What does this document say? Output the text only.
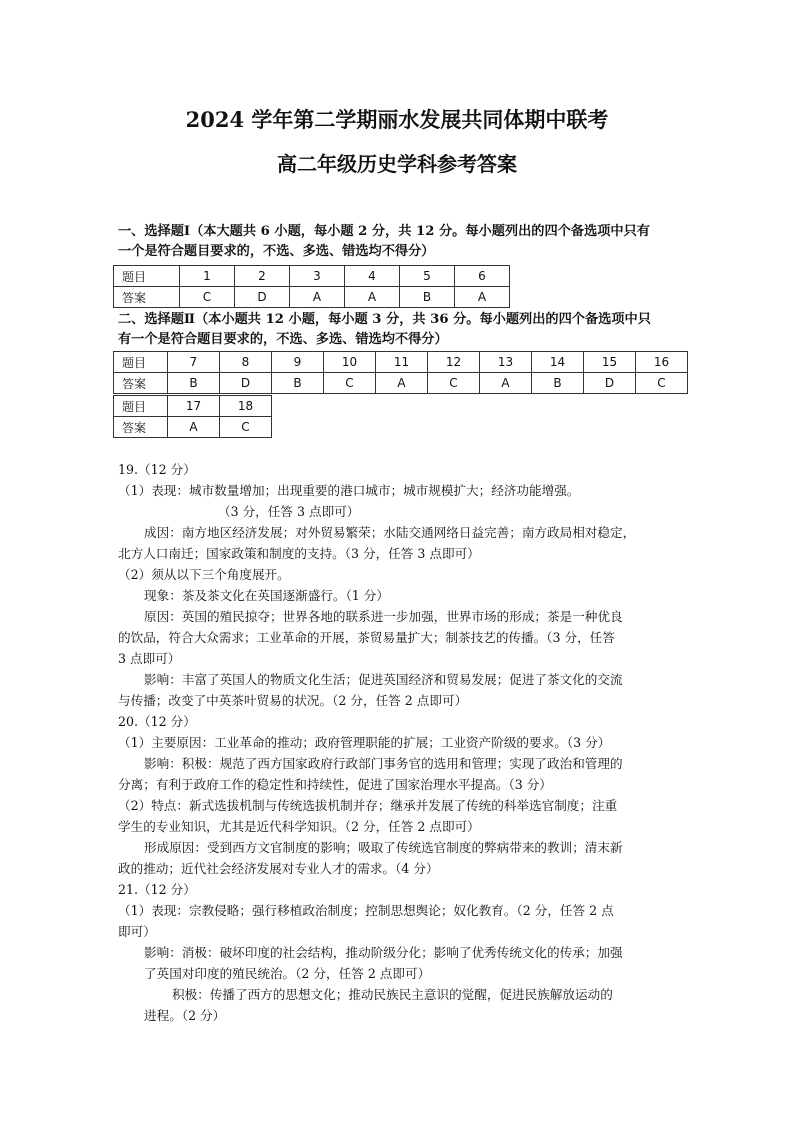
2024 学年第二学期丽水发展共同体期中联考
高二年级历史学科参考答案
一、选择题Ⅰ（本大题共 6 小题，每小题 2 分，共 12 分。每小题列出的四个备选项中只有
一个是符合题目要求的，不选、多选、错选均不得分）
题目	1	2	3	4	5	6
答案	C	D	A	A	B	A
二、选择题Ⅱ（本小题共 12 小题，每小题 3 分，共 36 分。每小题列出的四个备选项中只
有一个是符合题目要求的，不选、多选、错选均不得分）
题目	7	8	9	10	11	12	13	14	15	16
答案	B	D	B	C	A	C	A	B	D	C
题目	17	18
答案	A	C
19.（12 分）
（1）表现：城市数量增加；出现重要的港口城市；城市规模扩大；经济功能增强。
（3 分，任答 3 点即可）
成因：南方地区经济发展；对外贸易繁荣；水陆交通网络日益完善；南方政局相对稳定，
北方人口南迁；国家政策和制度的支持。（3 分，任答 3 点即可）
（2）须从以下三个角度展开。
现象：茶及茶文化在英国逐渐盛行。（1 分）
原因：英国的殖民掠夺；世界各地的联系进一步加强，世界市场的形成；茶是一种优良
的饮品，符合大众需求；工业革命的开展，茶贸易量扩大；制茶技艺的传播。（3 分，任答
3 点即可）
影响：丰富了英国人的物质文化生活；促进英国经济和贸易发展；促进了茶文化的交流
与传播；改变了中英茶叶贸易的状况。（2 分，任答 2 点即可）
20.（12 分）
（1）主要原因：工业革命的推动；政府管理职能的扩展；工业资产阶级的要求。（3 分）
影响：积极：规范了西方国家政府行政部门事务官的选用和管理；实现了政治和管理的
分离；有利于政府工作的稳定性和持续性，促进了国家治理水平提高。（3 分）
（2）特点：新式选拔机制与传统选拔机制并存；继承并发展了传统的科举选官制度；注重
学生的专业知识，尤其是近代科学知识。（2 分，任答 2 点即可）
形成原因：受到西方文官制度的影响；吸取了传统选官制度的弊病带来的教训；清末新
政的推动；近代社会经济发展对专业人才的需求。（4 分）
21.（12 分）
（1）表现：宗教侵略；强行移植政治制度；控制思想舆论；奴化教育。（2 分，任答 2 点
即可）
影响：消极：破坏印度的社会结构，推动阶级分化；影响了优秀传统文化的传承；加强
了英国对印度的殖民统治。（2 分，任答 2 点即可）
积极：传播了西方的思想文化；推动民族民主意识的觉醒，促进民族解放运动的
进程。（2 分）
